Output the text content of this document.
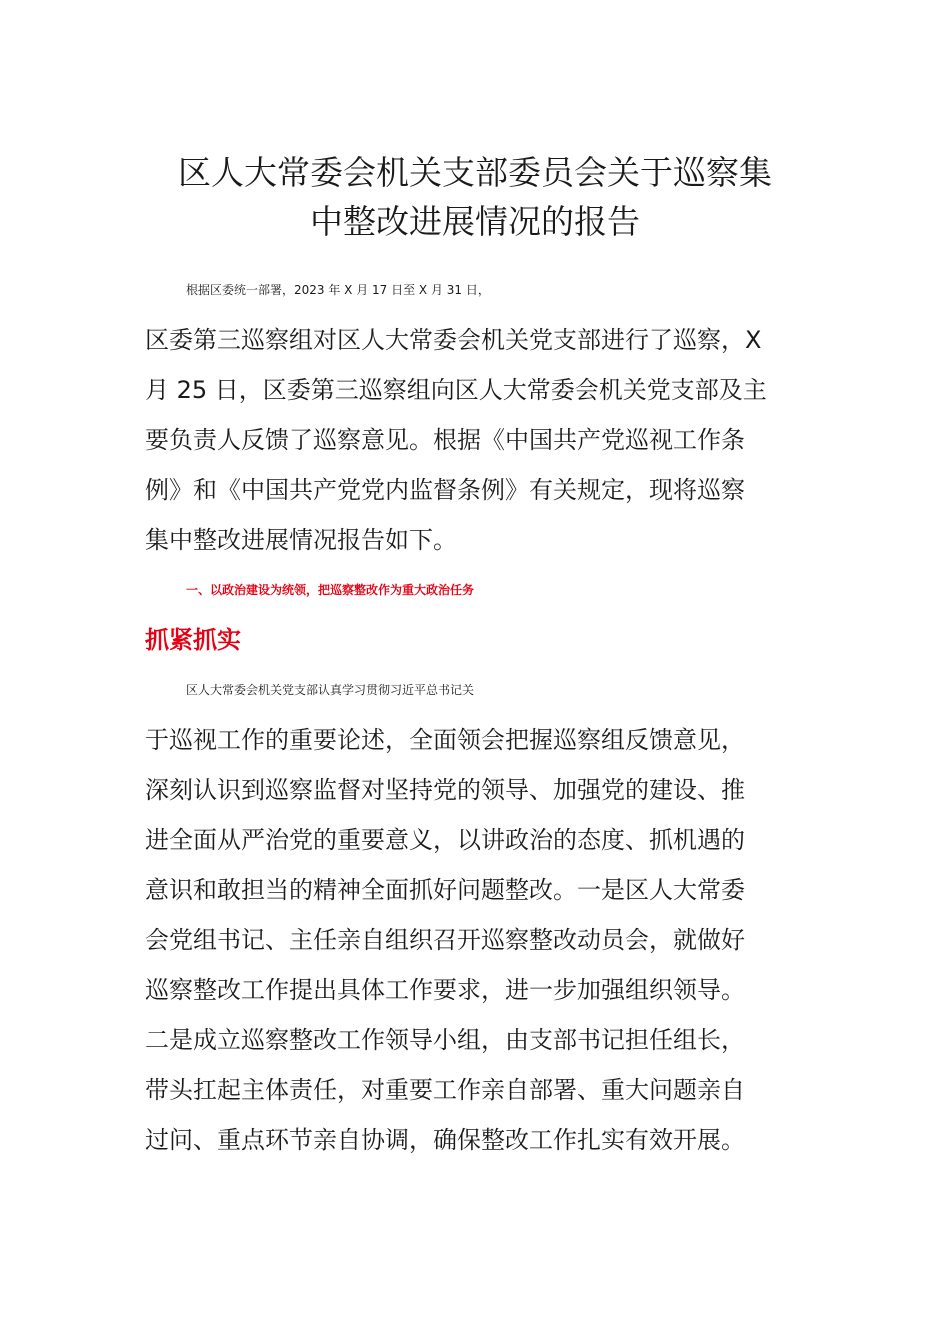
区人大常委会机关支部委员会关于巡察集
中整改进展情况的报告
根据区委统一部署，2023 年 X 月 17 日至 X 月 31 日，
区委第三巡察组对区人大常委会机关党支部进行了巡察，X
月 25 日，区委第三巡察组向区人大常委会机关党支部及主
要负责人反馈了巡察意见。根据《中国共产党巡视工作条
例》和《中国共产党党内监督条例》有关规定，现将巡察
集中整改进展情况报告如下。
一、以政治建设为统领，把巡察整改作为重大政治任务
抓紧抓实
区人大常委会机关党支部认真学习贯彻习近平总书记关
于巡视工作的重要论述，全面领会把握巡察组反馈意见，
深刻认识到巡察监督对坚持党的领导、加强党的建设、推
进全面从严治党的重要意义，以讲政治的态度、抓机遇的
意识和敢担当的精神全面抓好问题整改。一是区人大常委
会党组书记、主任亲自组织召开巡察整改动员会，就做好
巡察整改工作提出具体工作要求，进一步加强组织领导。
二是成立巡察整改工作领导小组，由支部书记担任组长，
带头扛起主体责任，对重要工作亲自部署、重大问题亲自
过问、重点环节亲自协调，确保整改工作扎实有效开展。
